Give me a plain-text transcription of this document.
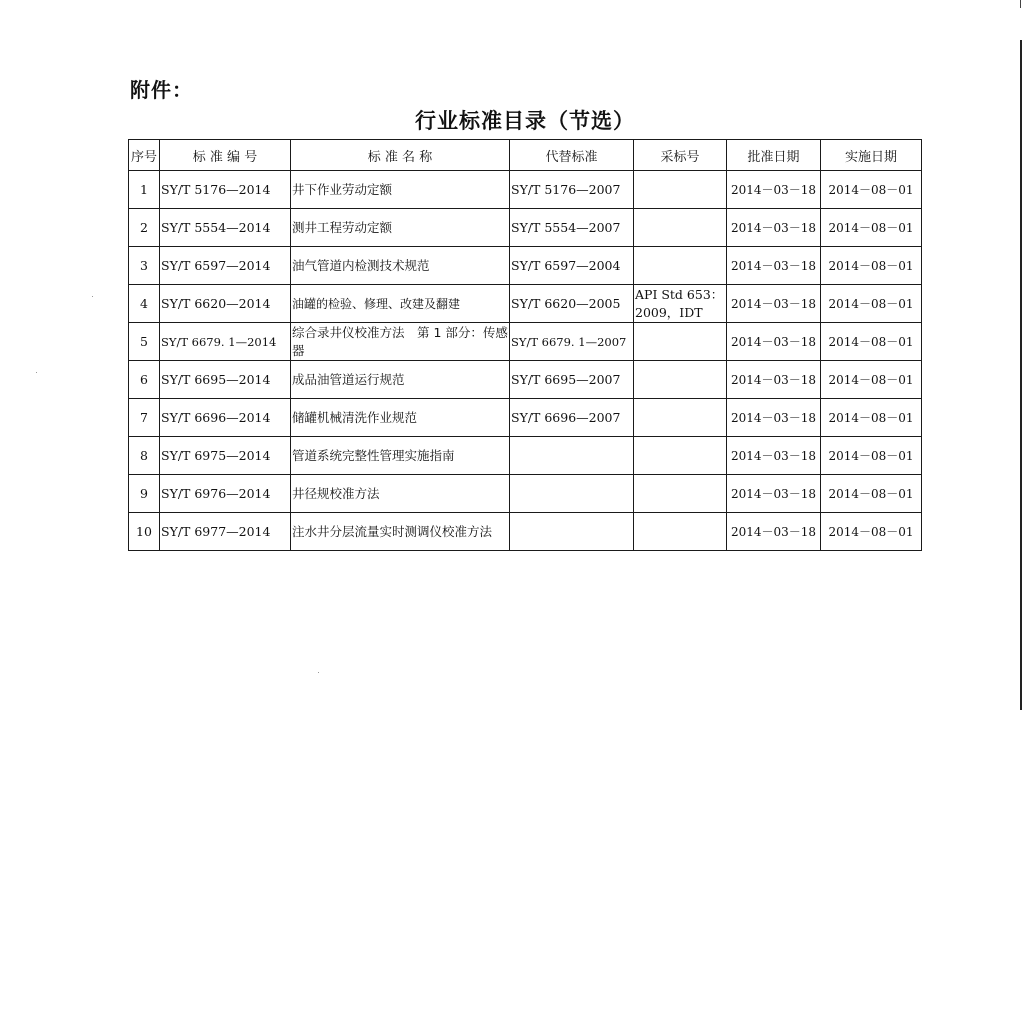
附件：
行业标准目录（节选）
序号	标 准 编 号	标 准 名 称	代替标准	采标号	批准日期	实施日期
1	SY/T 5176—2014	井下作业劳动定额	SY/T 5176—2007		2014－03－18	2014－08－01
2	SY/T 5554—2014	测井工程劳动定额	SY/T 5554—2007		2014－03－18	2014－08－01
3	SY/T 6597—2014	油气管道内检测技术规范	SY/T 6597—2004		2014－03－18	2014－08－01
4	SY/T 6620—2014	油罐的检验、修理、改建及翻建	SY/T 6620—2005	API Std 653：2009，IDT	2014－03－18	2014－08－01
5	SY/T 6679. 1—2014	综合录井仪校准方法　第 1 部分：传感器	SY/T 6679. 1—2007		2014－03－18	2014－08－01
6	SY/T 6695—2014	成品油管道运行规范	SY/T 6695—2007		2014－03－18	2014－08－01
7	SY/T 6696—2014	储罐机械清洗作业规范	SY/T 6696—2007		2014－03－18	2014－08－01
8	SY/T 6975—2014	管道系统完整性管理实施指南			2014－03－18	2014－08－01
9	SY/T 6976—2014	井径规校准方法			2014－03－18	2014－08－01
10	SY/T 6977—2014	注水井分层流量实时测调仪校准方法			2014－03－18	2014－08－01
